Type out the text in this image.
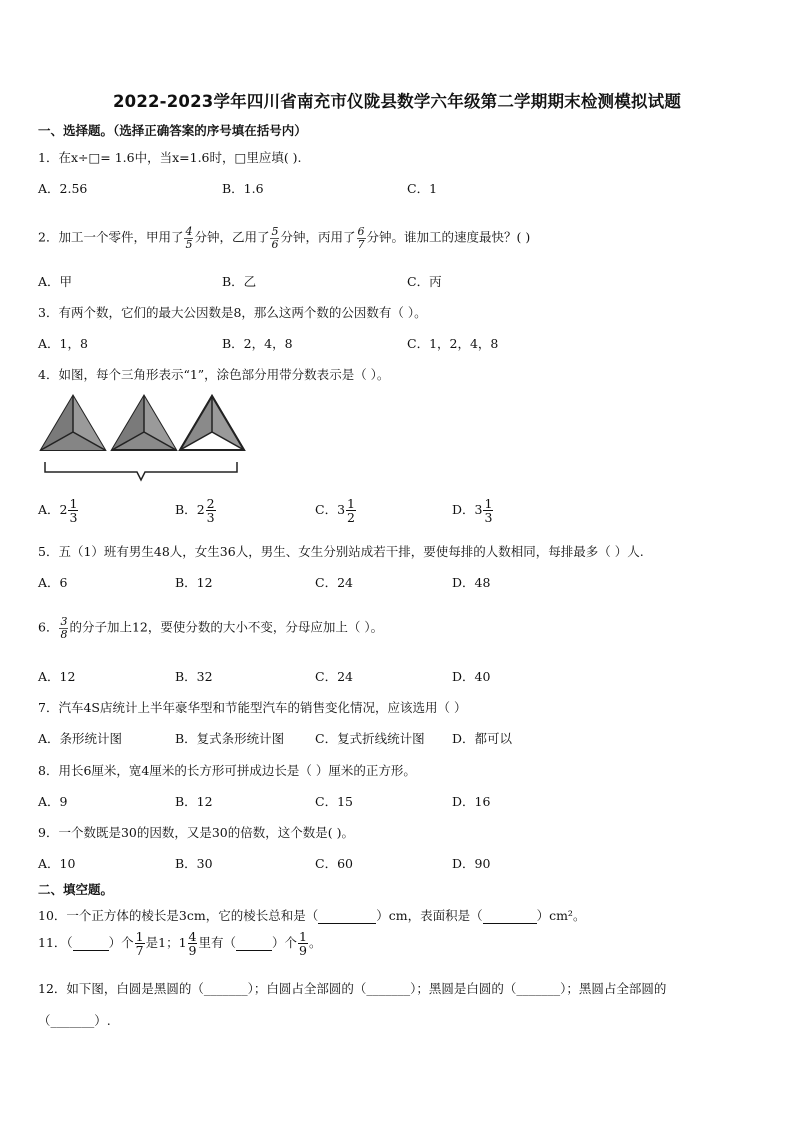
2022-2023学年四川省南充市仪陇县数学六年级第二学期期末检测模拟试题
一、选择题。（选择正确答案的序号填在括号内）
1．在x÷□= 1.6中，当x=1.6时，□里应填( ).
A．2.56	B．1.6	C．1
2．加工一个零件，甲用了 $\frac{4}{5}$ 分钟，乙用了 $\frac{5}{6}$ 分钟，丙用了 $\frac{6}{7}$ 分钟。谁加工的速度最快？( )
A．甲	B．乙	C．丙
3．有两个数，它们的最大公因数是8，那么这两个数的公因数有（ ）。
A．1，8	B．2，4，8	C．1，2，4，8
4．如图，每个三角形表示“1”，涂色部分用带分数表示是（ ）。
A．$2 \frac{1}{3}$	B．$2 \frac{2}{3}$	C．$3 \frac{1}{2}$	D．$3 \frac{1}{3}$
5．五（1）班有男生48人，女生36人，男生、女生分别站成若干排，要使每排的人数相同，每排最多（ ）人.
A．6	B．12	C．24	D．48
6． $\frac{3}{8}$ 的分子加上12，要使分数的大小不变，分母应加上（ ）。
A．12	B．32	C．24	D．40
7．汽车4S店统计上半年豪华型和节能型汽车的销售变化情况，应该选用（ ）
A．条形统计图	B．复式条形统计图 C．复式折线统计图 D．都可以
8．用长6厘米，宽4厘米的长方形可拼成边长是（ ）厘米的正方形。
A．9	B．12	C．15	D．16
9．一个数既是30的因数，又是30的倍数，这个数是( )。
A．10	B．30	C．60	D．90
二、填空题。
10．一个正方体的棱长是3cm，它的棱长总和是（	）cm，表面积是（	）cm²。
11．（	）个 $\frac{1}{7}$ 是1；$1 \frac{4}{9}$ 里有（	）个 $\frac{1}{9}$ 。
12．如下图，白圆是黑圆的（_______）；白圆占全部圆的（_______）；黑圆是白圆的（_______）；黑圆占全部圆的
（_______）.
